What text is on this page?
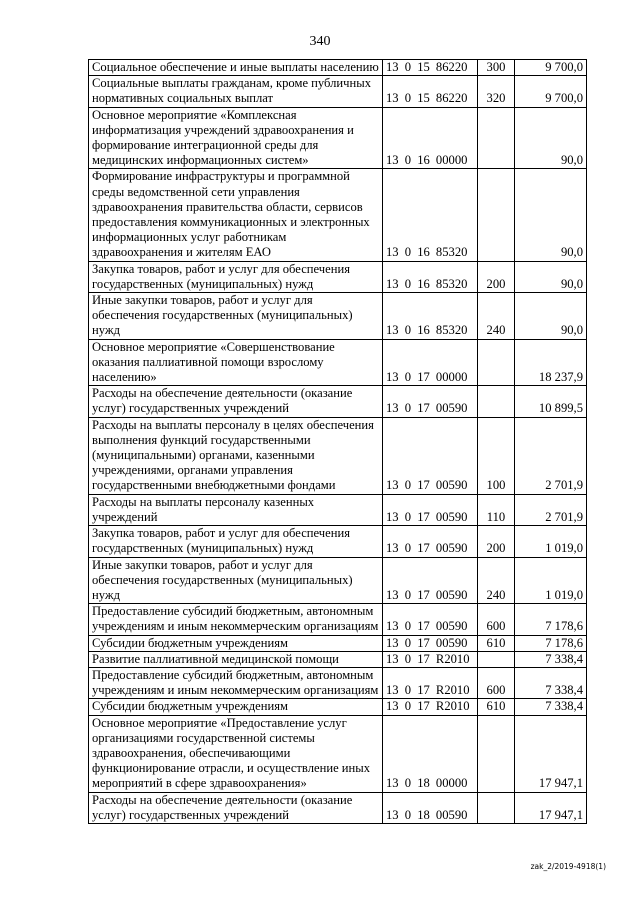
340
Социальное обеспечение и иные выплаты населению	13 0 15 86220	300	9 700,0
Социальные выплаты гражданам, кроме публичных нормативных социальных выплат	13 0 15 86220	320	9 700,0
Основное мероприятие «Комплексная информатизация учреждений здравоохранения и формирование интеграционной среды для медицинских информационных систем»	13 0 16 00000		90,0
Формирование инфраструктуры и программной среды ведомственной сети управления здравоохранения правительства области, сервисов предоставления коммуникационных и электронных информационных услуг работникам здравоохранения и жителям ЕАО	13 0 16 85320		90,0
Закупка товаров, работ и услуг для обеспечения государственных (муниципальных) нужд	13 0 16 85320	200	90,0
Иные закупки товаров, работ и услуг для обеспечения государственных (муниципальных) нужд	13 0 16 85320	240	90,0
Основное мероприятие «Совершенствование оказания паллиативной помощи взрослому населению»	13 0 17 00000		18 237,9
Расходы на обеспечение деятельности (оказание услуг) государственных учреждений	13 0 17 00590		10 899,5
Расходы на выплаты персоналу в целях обеспечения выполнения функций государственными (муниципальными) органами, казенными учреждениями, органами управления государственными внебюджетными фондами	13 0 17 00590	100	2 701,9
Расходы на выплаты персоналу казенных учреждений	13 0 17 00590	110	2 701,9
Закупка товаров, работ и услуг для обеспечения государственных (муниципальных) нужд	13 0 17 00590	200	1 019,0
Иные закупки товаров, работ и услуг для обеспечения государственных (муниципальных) нужд	13 0 17 00590	240	1 019,0
Предоставление субсидий бюджетным, автономным учреждениям и иным некоммерческим организациям	13 0 17 00590	600	7 178,6
Субсидии бюджетным учреждениям	13 0 17 00590	610	7 178,6
Развитие паллиативной медицинской помощи	13 0 17 R2010		7 338,4
Предоставление субсидий бюджетным, автономным учреждениям и иным некоммерческим организациям	13 0 17 R2010	600	7 338,4
Субсидии бюджетным учреждениям	13 0 17 R2010	610	7 338,4
Основное мероприятие «Предоставление услуг организациями государственной системы здравоохранения, обеспечивающими функционирование отрасли, и осуществление иных мероприятий в сфере здравоохранения»	13 0 18 00000		17 947,1
Расходы на обеспечение деятельности (оказание услуг) государственных учреждений	13 0 18 00590		17 947,1
zak_2/2019-4918(1)
